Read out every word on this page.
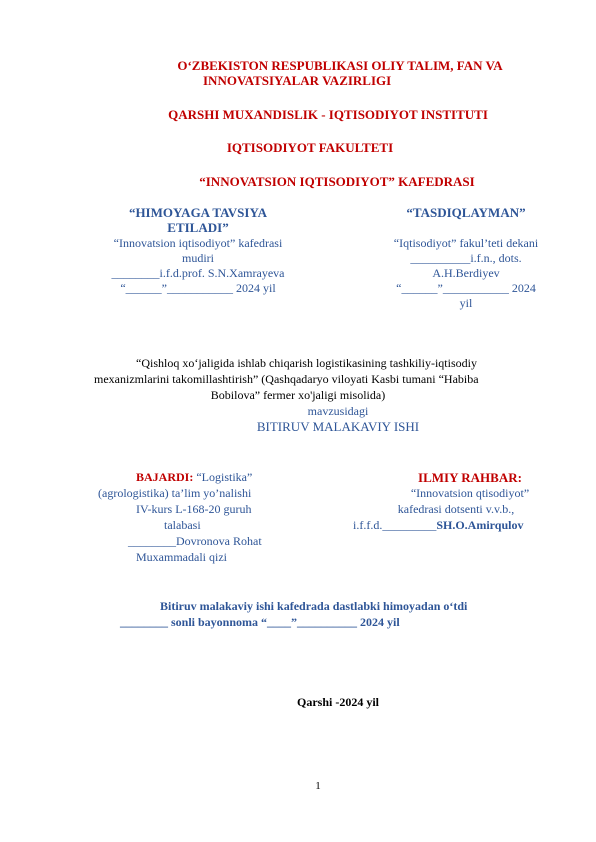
O‘ZBEKISTON RESPUBLIKASI OLIY TALIM, FAN VA
INNOVATSIYALAR VAZIRLIGI
QARSHI MUXANDISLIK - IQTISODIYOT INSTITUTI
IQTISODIYOT FAKULTETI
“INNOVATSION IQTISODIYOT” KAFEDRASI
“HIMOYAGA TAVSIYA
ETILADI”
“Innovatsion iqtisodiyot” kafedrasi
mudiri
________i.f.d.prof. S.N.Xamrayeva
“______”___________ 2024 yil
“TASDIQLAYMAN”
“Iqtisodiyot” fakul’teti dekani
__________i.f.n., dots.
A.H.Berdiyev
“______”___________ 2024
yil
“Qishloq xo‘jaligida ishlab chiqarish logistikasining tashkiliy-iqtisodiy
mexanizmlarini takomillashtirish” (Qashqadaryo viloyati Kasbi tumani “Habiba
Bobilova” fermer xo'jaligi misolida)
mavzusidagi
BITIRUV MALAKAVIY ISHI
BAJARDI: “Logistika”
(agrologistika) ta’lim yo’nalishi
IV-kurs L-168-20 guruh
talabasi
________Dovronova Rohat
Muxammadali qizi
ILMIY RAHBAR:
“Innovatsion qtisodiyot”
kafedrasi dotsenti v.v.b.,
i.f.f.d._________SH.O.Amirqulov
Bitiruv malakaviy ishi kafedrada dastlabki himoyadan o‘tdi
________ sonli bayonnoma “____”__________ 2024 yil
Qarshi -2024 yil
1
